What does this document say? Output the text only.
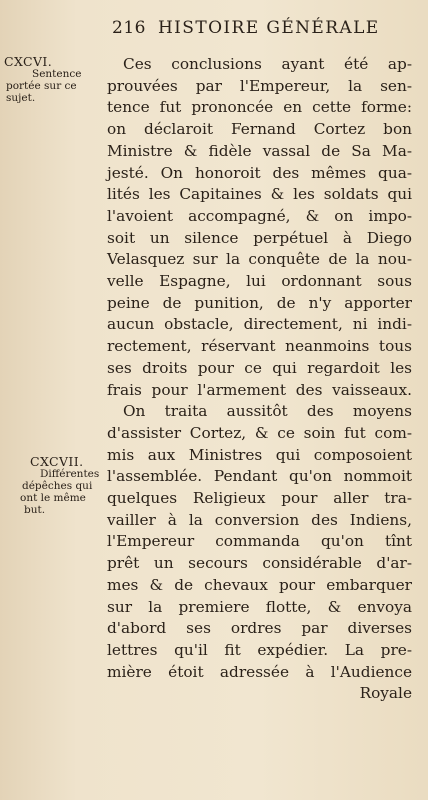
216 HISTOIRE GÉNÉRALE
CXCVI.
Sentence
portée sur ce
sujet.
CXCVII.
Différentes
dépêches qui
ont le même
but.
Ces conclusions ayant été ap-
prouvées par l'Empereur, la sen-
tence fut prononcée en cette forme:
on déclaroit Fernand Cortez bon
Ministre & fidèle vassal de Sa Ma-
jesté. On honoroit des mêmes qua-
lités les Capitaines & les soldats qui
l'avoient accompagné, & on impo-
soit un silence perpétuel à Diego
Velasquez sur la conquête de la nou-
velle Espagne, lui ordonnant sous
peine de punition, de n'y apporter
aucun obstacle, directement, ni indi-
rectement, réservant neanmoins tous
ses droits pour ce qui regardoit les
frais pour l'armement des vaisseaux.
On traita aussitôt des moyens
d'assister Cortez, & ce soin fut com-
mis aux Ministres qui composoient
l'assemblée. Pendant qu'on nommoit
quelques Religieux pour aller tra-
vailler à la conversion des Indiens,
l'Empereur commanda qu'on tînt
prêt un secours considérable d'ar-
mes & de chevaux pour embarquer
sur la premiere flotte, & envoya
d'abord ses ordres par diverses
lettres qu'il fit expédier. La pre-
mière étoit adressée à l'Audience
Royale
